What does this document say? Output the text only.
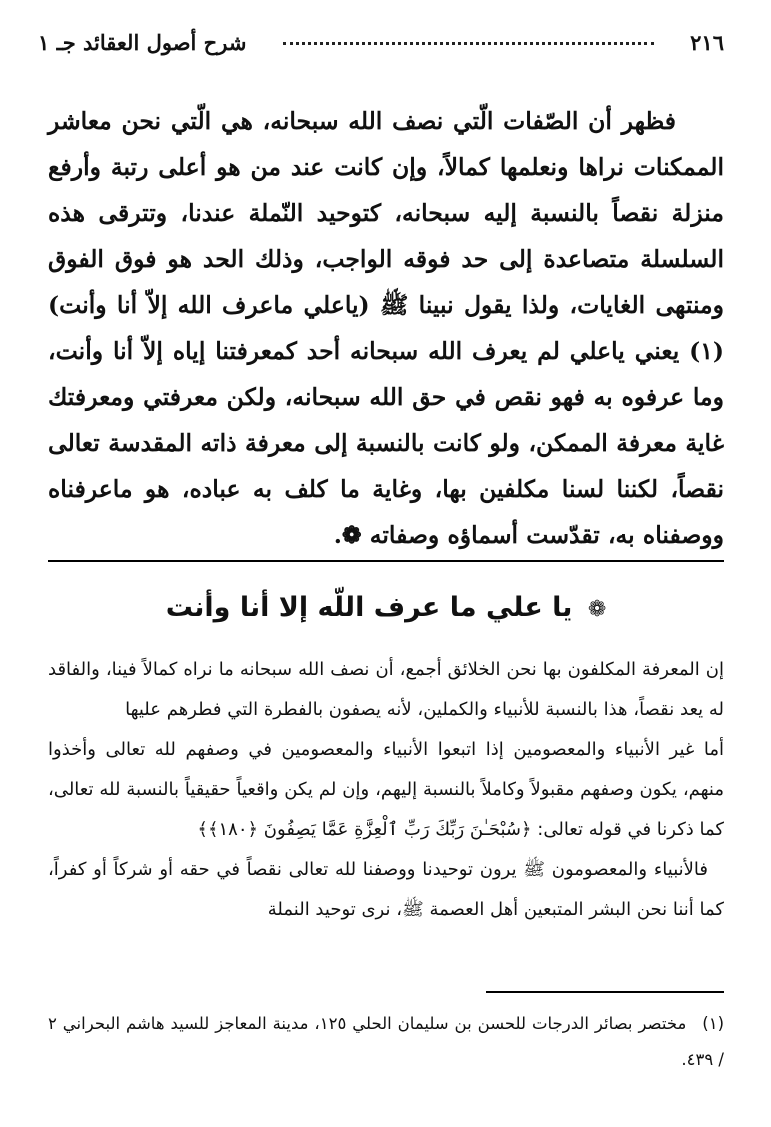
٢١٦
شرح أصول العقائد جـ ١

فظهر أن الصّفات الّتي نصف الله سبحانه، هي الّتي نحن معاشر الممكنات نراها ونعلمها كمالاً، وإن كانت عند من هو أعلى رتبة وأرفع منزلة نقصاً بالنسبة إليه سبحانه، كتوحيد النّملة عندنا، وتترقى هذه السلسلة متصاعدة إلى حد فوقه الواجب، وذلك الحد هو فوق الفوق ومنتهى الغايات، ولذا يقول نبينا ﷺ (ياعلي ماعرف الله إلاّ أنا وأنت)(١) يعني ياعلي لم يعرف الله سبحانه أحد كمعرفتنا إياه إلاّ أنا وأنت، وما عرفوه به فهو نقص في حق الله سبحانه، ولكن معرفتي ومعرفتك غاية معرفة الممكن، ولو كانت بالنسبة إلى معرفة ذاته المقدسة تعالى نقصاً، لكننا لسنا مكلفين بها، وغاية ما كلف به عباده، هو ماعرفناه ووصفناه به، تقدّست أسماؤه وصفاته ❁.

❁ يا علي ما عرف اللّه إلا أنا وأنت

إن المعرفة المكلفون بها نحن الخلائق أجمع، أن نصف الله سبحانه ما نراه كمالاً فينا، والفاقد له يعد نقصاً، هذا بالنسبة للأنبياء والكملين، لأنه يصفون بالفطرة التي فطرهم عليها

أما غير الأنبياء والمعصومين إذا اتبعوا الأنبياء والمعصومين في وصفهم لله تعالى وأخذوا منهم، يكون وصفهم مقبولاً وكاملاً بالنسبة إليهم، وإن لم يكن واقعياً حقيقياً بالنسبة لله تعالى، كما ذكرنا في قوله تعالى: ﴿سُبْحَـٰنَ رَبِّكَ رَبِّ ٱلْعِزَّةِ عَمَّا يَصِفُونَ ﴿١٨٠﴾﴾

فالأنبياء والمعصومون ﷺ يرون توحيدنا ووصفنا لله تعالى نقصاً في حقه أو شركاً أو كفراً، كما أننا نحن البشر المتبعين أهل العصمة ﷺ، نرى توحيد النملة

(١) مختصر بصائر الدرجات للحسن بن سليمان الحلي ١٢٥، مدينة المعاجز للسيد هاشم البحراني ٢ / ٤٣٩.
